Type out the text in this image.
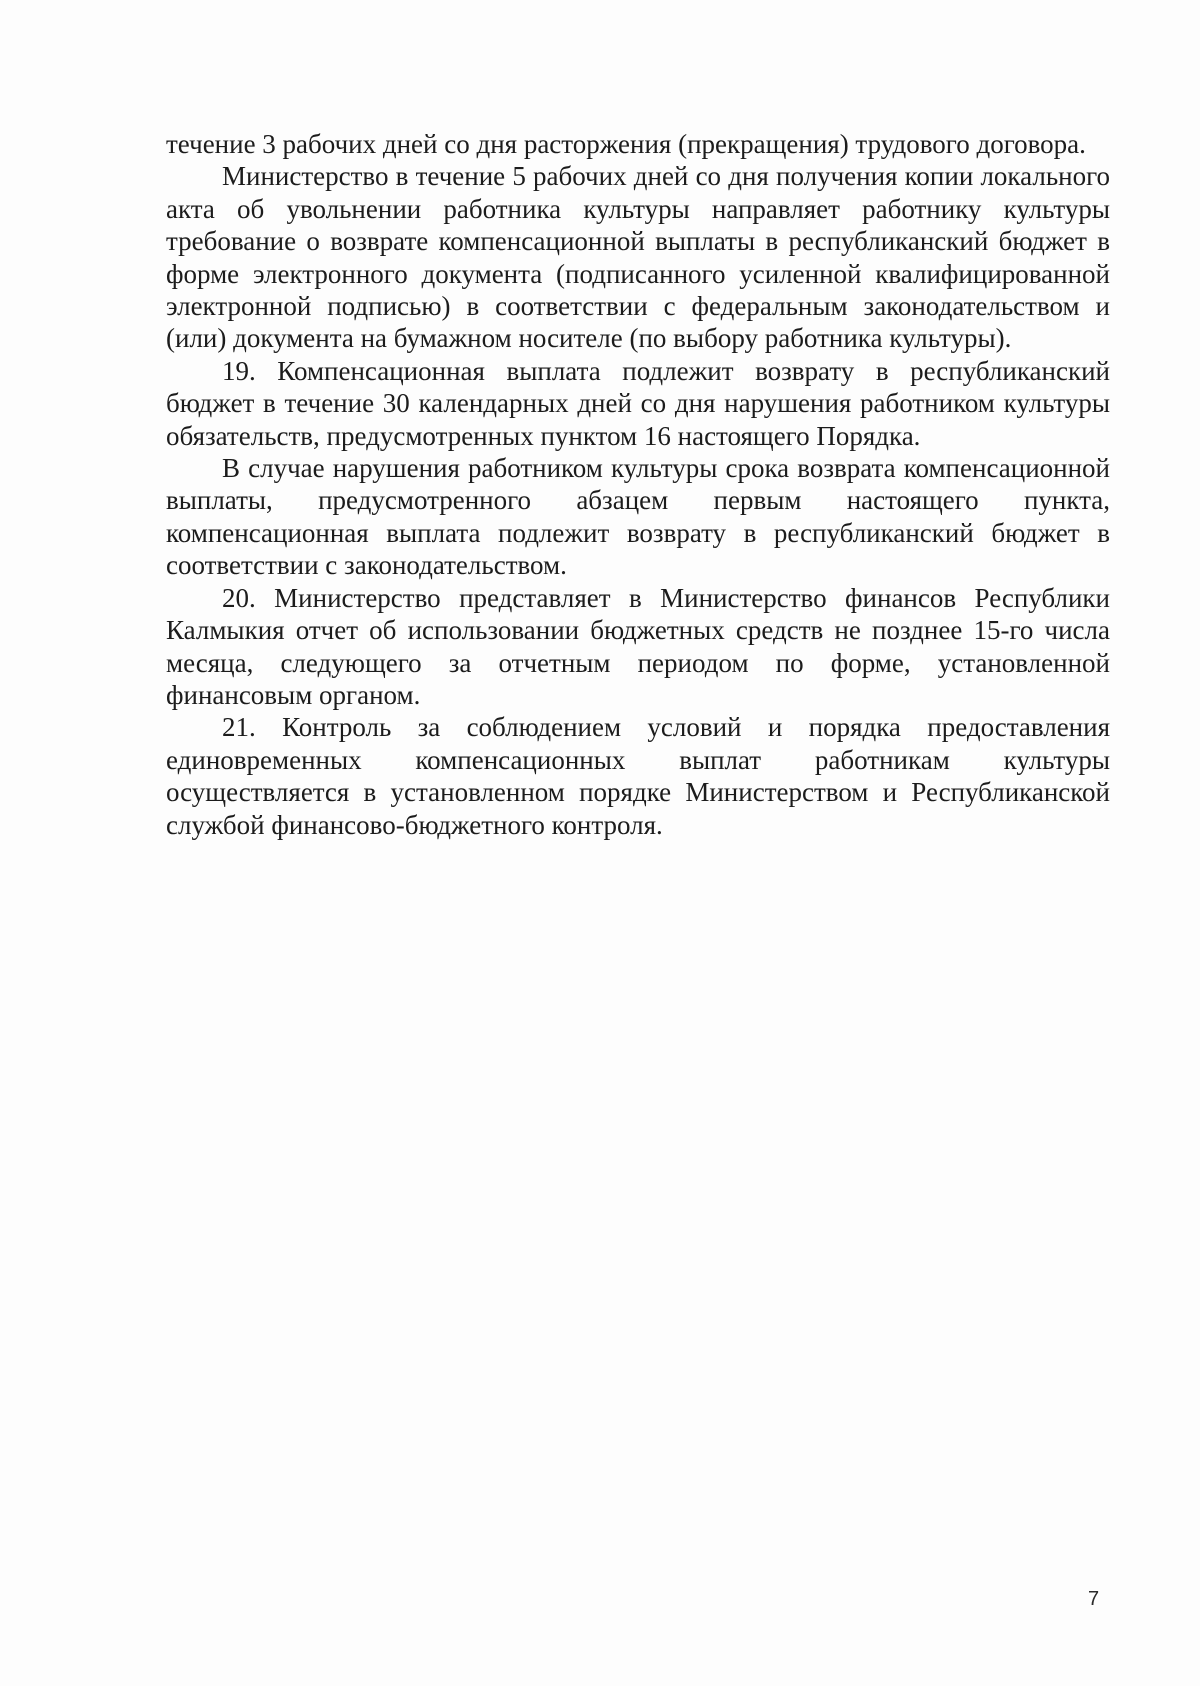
течение 3 рабочих дней со дня расторжения (прекращения) трудового договора.

Министерство в течение 5 рабочих дней со дня получения копии локального акта об увольнении работника культуры направляет работнику культуры требование о возврате компенсационной выплаты в республиканский бюджет в форме электронного документа (подписанного усиленной квалифицированной электронной подписью) в соответствии с федеральным законодательством и (или) документа на бумажном носителе (по выбору работника культуры).

19. Компенсационная выплата подлежит возврату в республиканский бюджет в течение 30 календарных дней со дня нарушения работником культуры обязательств, предусмотренных пунктом 16 настоящего Порядка.

В случае нарушения работником культуры срока возврата компенсационной выплаты, предусмотренного абзацем первым настоящего пункта, компенсационная выплата подлежит возврату в республиканский бюджет в соответствии с законодательством.

20. Министерство представляет в Министерство финансов Республики Калмыкия отчет об использовании бюджетных средств не позднее 15-го числа месяца, следующего за отчетным периодом по форме, установленной финансовым органом.

21. Контроль за соблюдением условий и порядка предоставления единовременных компенсационных выплат работникам культуры осуществляется в установленном порядке Министерством и Республиканской службой финансово-бюджетного контроля.

7
